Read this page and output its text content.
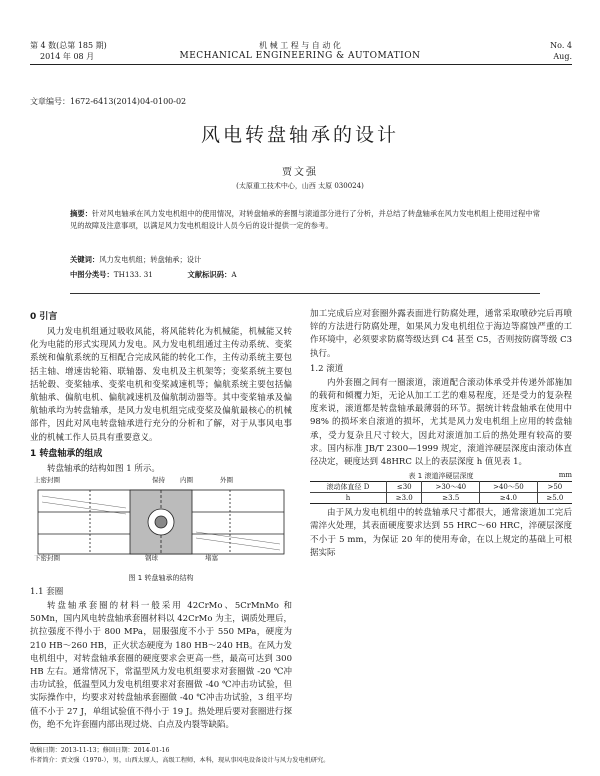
第 4 数(总第 185 期)
2014 年 08 月
机 械 工 程 与 自 动 化
MECHANICAL ENGINEERING & AUTOMATION
No. 4
Aug.
文章编号：1672-6413(2014)04-0100-02
风电转盘轴承的设计
贾文强
(太原重工技术中心，山西 太原 030024)
摘要：针对风电轴承在风力发电机组中的使用情况，对转盘轴承的套圈与滚道部分进行了分析，并总结了转盘轴承在风力发电机组上使用过程中常见的故障及注意事项，以满足风力发电机组设计人员今后的设计提供一定的参考。
关键词：风力发电机组；转盘轴承；设计
中图分类号：TH133. 31	文献标识码：A
0 引言

风力发电机组通过吸收风能，将风能转化为机械能，机械能又转化为电能的形式实现风力发电。风力发电机组通过主传动系统、变桨系统和偏航系统的互相配合完成风能的转化工作，主传动系统主要包括主轴、增速齿轮箱、联轴器、发电机及主机架等；变桨系统主要包括轮毂、变桨轴承、变桨电机和变桨减速机等；偏航系统主要包括偏航轴承、偏航电机、偏航减速机及偏航制动器等。其中变桨轴承及偏航轴承均为转盘轴承，是风力发电机组完成变桨及偏航最核心的机械部件，因此对风电转盘轴承进行充分的分析和了解，对于从事风电事业的机械工作人员具有重要意义。

1 转盘轴承的组成

转盘轴承的结构如图 1 所示。

上密封圈	保持 内圈	外圈
下密封圈	钢球	堵塞
图 1 转盘轴承的结构
1.1 套圈

转盘轴承套圈的材料一般采用 42CrMo、5CrMnMo 和 50Mn，国内风电转盘轴承套圈材料以 42CrMo 为主，调质处理后，抗拉强度不得小于 800 MPa，屈服强度不小于 550 MPa，硬度为 210 HB～260 HB，正火状态硬度为 180 HB～240 HB。在风力发电机组中，对转盘轴承套圈的硬度要求会更高一些，最高可达到 300 HB 左右。通常情况下，常温型风力发电机组要求对套圈做 -20 ℃冲击功试验，低温型风力发电机组要求对套圈做 -40 ℃冲击功试验，但实际操作中，均要求对转盘轴承套圈做 -40 ℃冲击功试验，3 组平均值不小于 27 J，单组试验值不得小于 19 J。热处理后要对套圈进行探伤，绝不允许套圈内部出现过烧、白点及内裂等缺陷。

加工完成后应对套圈外露表面进行防腐处理，通常采取喷砂完后再喷锌的方法进行防腐处理，如果风力发电机组位于海边等腐蚀严重的工作环境中，必须要求防腐等级达到 C4 甚至 C5，否则按防腐等级 C3 执行。

1.2 滚道

内外套圈之间有一圈滚道，滚道配合滚动体承受并传递外部施加的载荷和倾覆力矩，无论从加工工艺的难易程度，还是受力的复杂程度来说，滚道都是转盘轴承最薄弱的环节。据统计转盘轴承在使用中 98% 的损坏来自滚道的损坏，尤其是风力发电机组上应用的转盘轴承，受力复杂且尺寸较大，因此对滚道加工后的热处理有较高的要求。国内标准 JB/T 2300—1999 规定，滚道淬硬层深度由滚动体直径决定，硬度达到 48HRC 以上的表层深度 h 值见表 1。

表 1 滚道淬硬层深度	mm
滚动体直径 D	≤30	>30～40	>40～50	>50
h	≥3.0	≥3.5	≥4.0	≥5.0

由于风力发电机组中的转盘轴承尺寸都很大，通常滚道加工完后需淬火处理，其表面硬度要求达到 55 HRC～60 HRC，淬硬层深度不小于 5 mm，为保证 20 年的使用寿命，在以上规定的基础上可根据实际

收稿日期：2013-11-13；修回日期：2014-01-16
作者简介：贾文强（1970-），男，山西太原人，高级工程师，本科，现从事风电设备设计与风力发电机研究。
